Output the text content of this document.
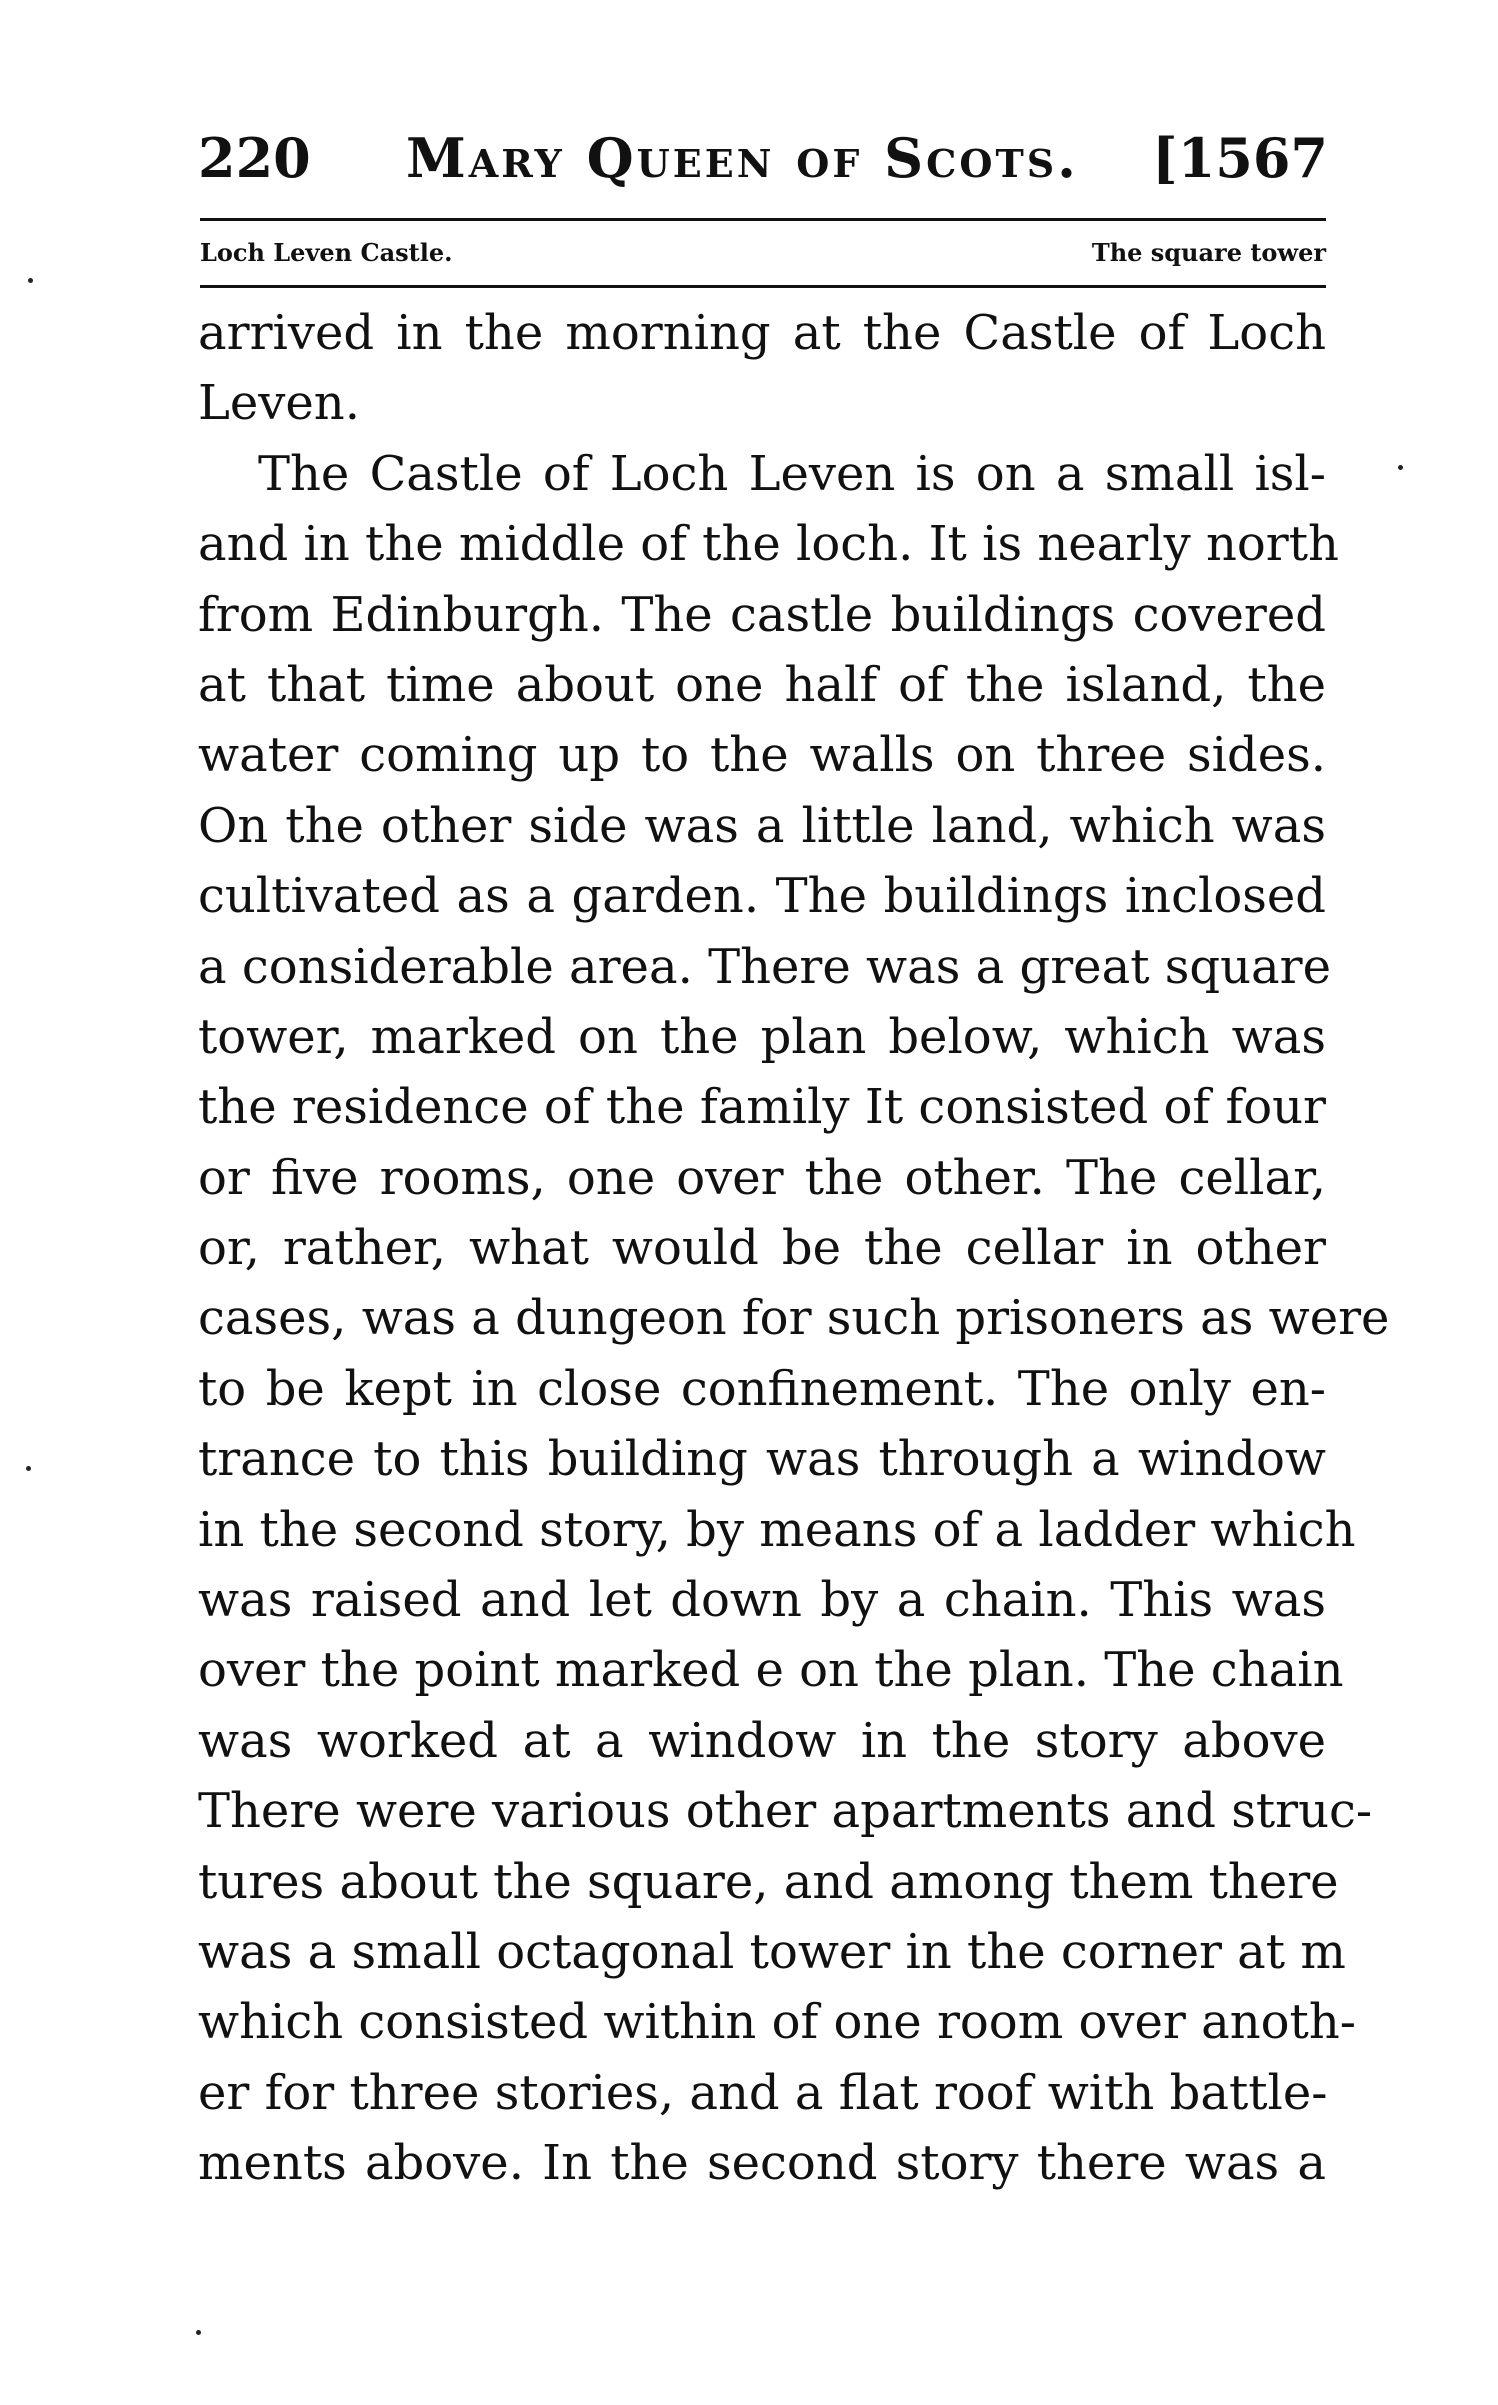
220 Mary Queen of Scots. [1567
Loch Leven Castle.	The square tower
arrived in the morning at the Castle of Loch
Leven.
The Castle of Loch Leven is on a small isl-
and in the middle of the loch. It is nearly north
from Edinburgh. The castle buildings covered
at that time about one half of the island, the
water coming up to the walls on three sides.
On the other side was a little land, which was
cultivated as a garden. The buildings inclosed
a considerable area. There was a great square
tower, marked on the plan below, which was
the residence of the family It consisted of four
or five rooms, one over the other. The cellar,
or, rather, what would be the cellar in other
cases, was a dungeon for such prisoners as were
to be kept in close confinement. The only en-
trance to this building was through a window
in the second story, by means of a ladder which
was raised and let down by a chain. This was
over the point marked e on the plan. The chain
was worked at a window in the story above
There were various other apartments and struc-
tures about the square, and among them there
was a small octagonal tower in the corner at m
which consisted within of one room over anoth-
er for three stories, and a flat roof with battle-
ments above. In the second story there was a
